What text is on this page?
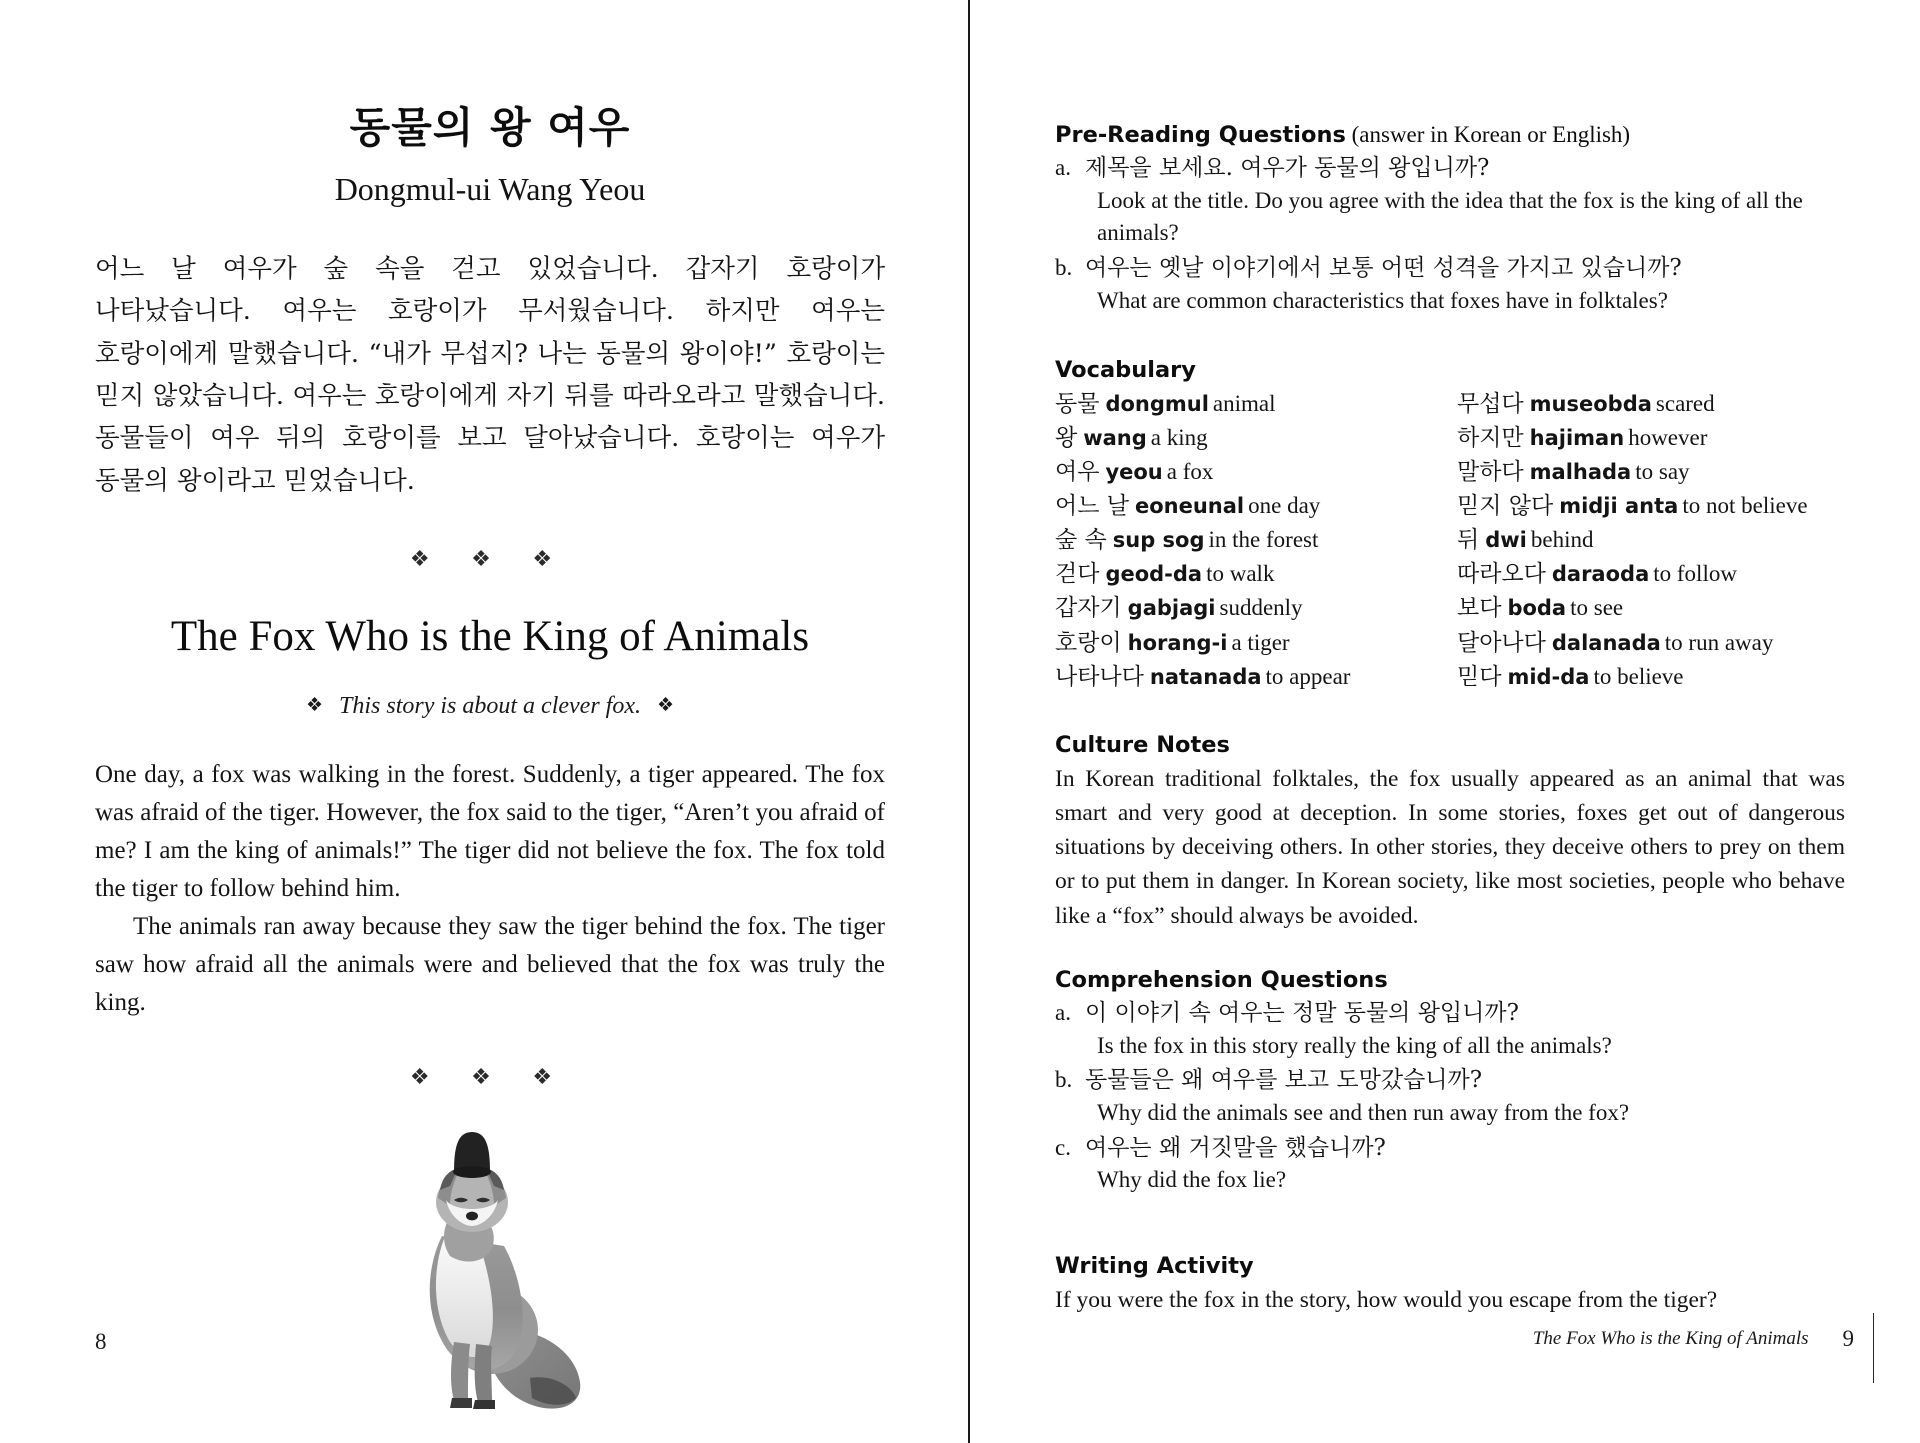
동물의 왕 여우
Dongmul-ui Wang Yeou
어느 날 여우가 숲 속을 걷고 있었습니다. 갑자기 호랑이가 나타났습니다. 여우는 호랑이가 무서웠습니다. 하지만 여우는 호랑이에게 말했습니다. “내가 무섭지? 나는 동물의 왕이야!” 호랑이는 믿지 않았습니다. 여우는 호랑이에게 자기 뒤를 따라오라고 말했습니다. 동물들이 여우 뒤의 호랑이를 보고 달아났습니다. 호랑이는 여우가 동물의 왕이라고 믿었습니다.
❖ ❖ ❖
The Fox Who is the King of Animals
❖ This story is about a clever fox. ❖

One day, a fox was walking in the forest. Suddenly, a tiger appeared. The fox was afraid of the tiger. However, the fox said to the tiger, “Aren’t you afraid of me? I am the king of animals!” The tiger did not believe the fox. The fox told the tiger to follow behind him.

The animals ran away because they saw the tiger behind the fox. The tiger saw how afraid all the animals were and believed that the fox was truly the king.

❖ ❖ ❖
8
Pre-Reading Questions (answer in Korean or English)
a. 제목을 보세요. 여우가 동물의 왕입니까?
Look at the title. Do you agree with the idea that the fox is the king of all the animals?
b. 여우는 옛날 이야기에서 보통 어떤 성격을 가지고 있습니까?
What are common characteristics that foxes have in folktales?
Vocabulary
동물 dongmul animal
왕 wang a king
여우 yeou a fox
어느 날 eoneunal one day
숲 속 sup sog in the forest
걷다 geod-da to walk
갑자기 gabjagi suddenly
호랑이 horang-i a tiger
나타나다 natanada to appear
무섭다 museobda scared
하지만 hajiman however
말하다 malhada to say
믿지 않다 midji anta to not believe
뒤 dwi behind
따라오다 daraoda to follow
보다 boda to see
달아나다 dalanada to run away
믿다 mid-da to believe
Culture Notes
In Korean traditional folktales, the fox usually appeared as an animal that was smart and very good at deception. In some stories, foxes get out of dangerous situations by deceiving others. In other stories, they deceive others to prey on them or to put them in danger. In Korean society, like most societies, people who behave like a “fox” should always be avoided.
Comprehension Questions
a. 이 이야기 속 여우는 정말 동물의 왕입니까?
Is the fox in this story really the king of all the animals?
b. 동물들은 왜 여우를 보고 도망갔습니까?
Why did the animals see and then run away from the fox?
c. 여우는 왜 거짓말을 했습니까?
Why did the fox lie?
Writing Activity
If you were the fox in the story, how would you escape from the tiger?
The Fox Who is the King of Animals	9
